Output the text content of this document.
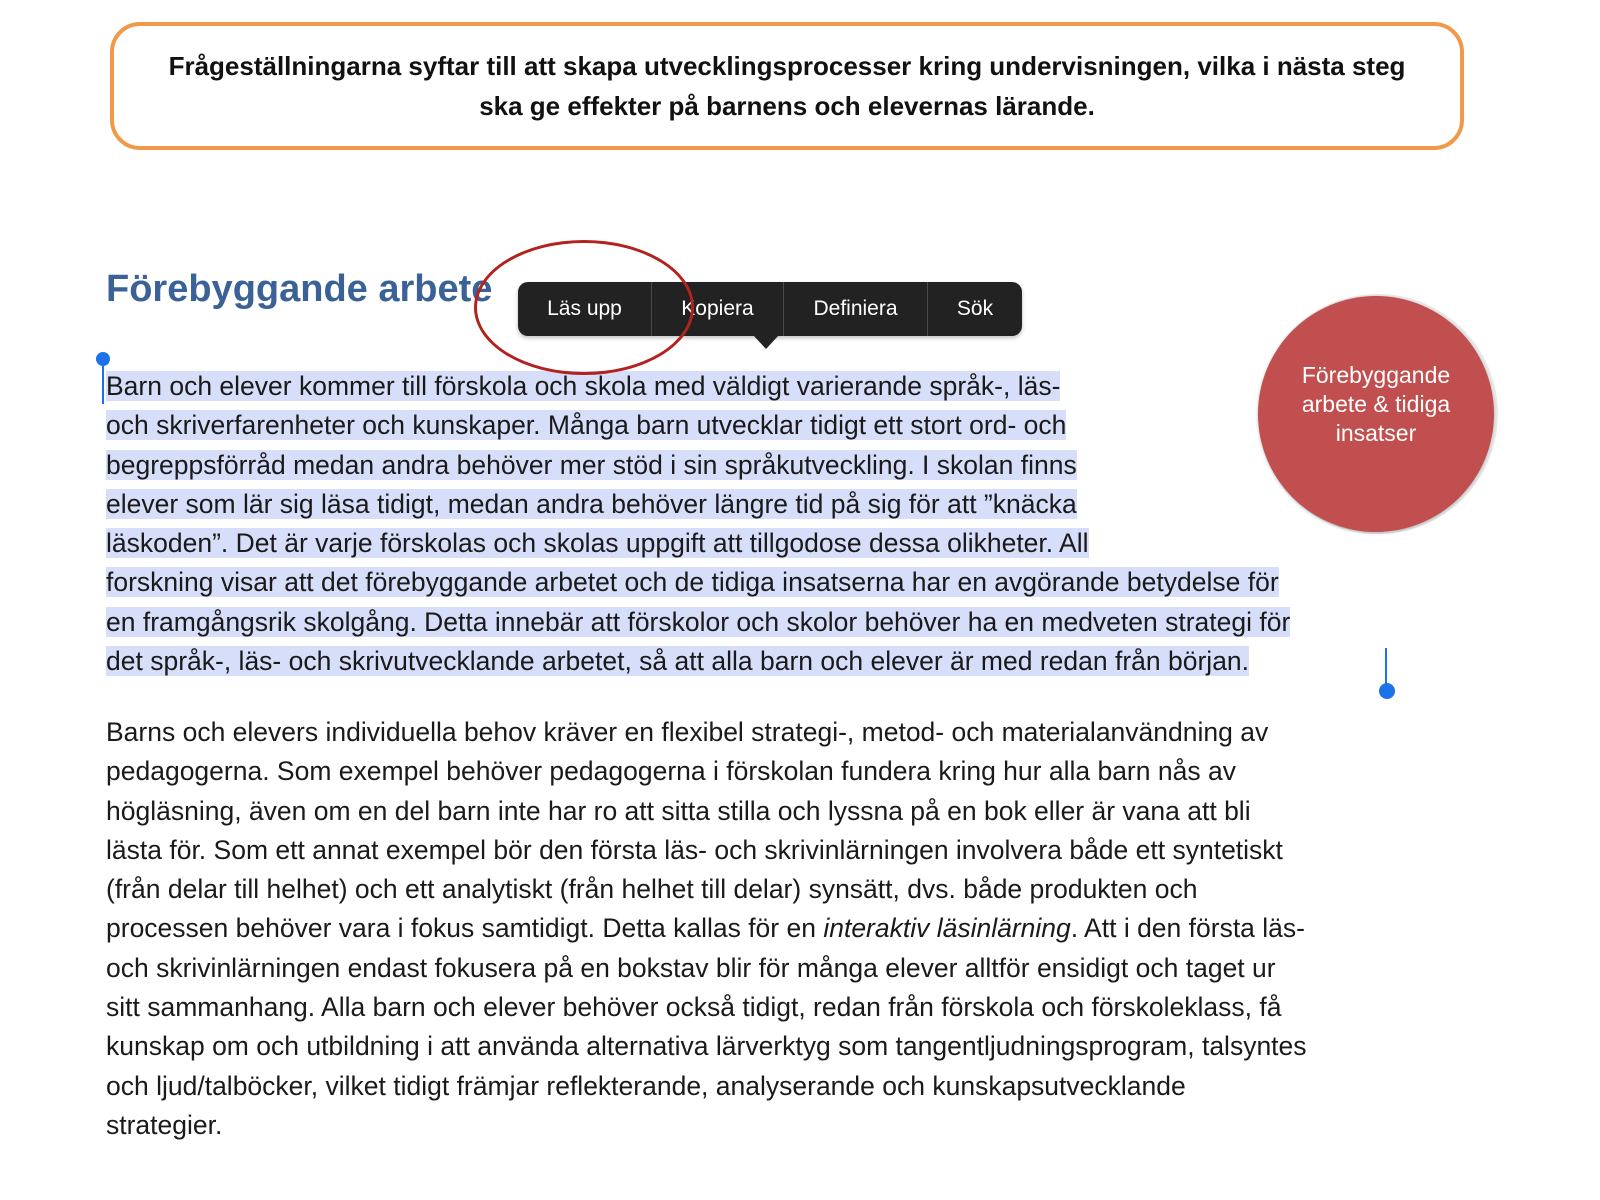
Frågeställningarna syftar till att skapa utvecklingsprocesser kring undervisningen, vilka i nästa steg ska ge effekter på barnens och elevernas lärande.
Förebyggande arbete

Barn och elever kommer till förskola och skola med väldigt varierande språk-, läs-
och skriverfarenheter och kunskaper. Många barn utvecklar tidigt ett stort ord- och
begreppsförråd medan andra behöver mer stöd i sin språkutveckling. I skolan finns
elever som lär sig läsa tidigt, medan andra behöver längre tid på sig för att ”knäcka
läskoden”. Det är varje förskolas och skolas uppgift att tillgodose dessa olikheter. All
forskning visar att det förebyggande arbetet och de tidiga insatserna har en avgörande betydelse för
en framgångsrik skolgång. Detta innebär att förskolor och skolor behöver ha en medveten strategi för
det språk-, läs- och skrivutvecklande arbetet, så att alla barn och elever är med redan från början.

Barns och elevers individuella behov kräver en flexibel strategi-, metod- och materialanvändning av
pedagogerna. Som exempel behöver pedagogerna i förskolan fundera kring hur alla barn nås av
högläsning, även om en del barn inte har ro att sitta stilla och lyssna på en bok eller är vana att bli
lästa för. Som ett annat exempel bör den första läs- och skrivinlärningen involvera både ett syntetiskt
(från delar till helhet) och ett analytiskt (från helhet till delar) synsätt, dvs. både produkten och
processen behöver vara i fokus samtidigt. Detta kallas för en interaktiv läsinlärning. Att i den första läs-
och skrivinlärningen endast fokusera på en bokstav blir för många elever alltför ensidigt och taget ur
sitt sammanhang. Alla barn och elever behöver också tidigt, redan från förskola och förskoleklass, få
kunskap om och utbildning i att använda alternativa lärverktyg som tangentljudningsprogram, talsyntes
och ljud/talböcker, vilket tidigt främjar reflekterande, analyserande och kunskapsutvecklande
strategier.

Förebyggande arbete & tidiga insatser
Läs upp	Kopiera	Definiera	Sök
